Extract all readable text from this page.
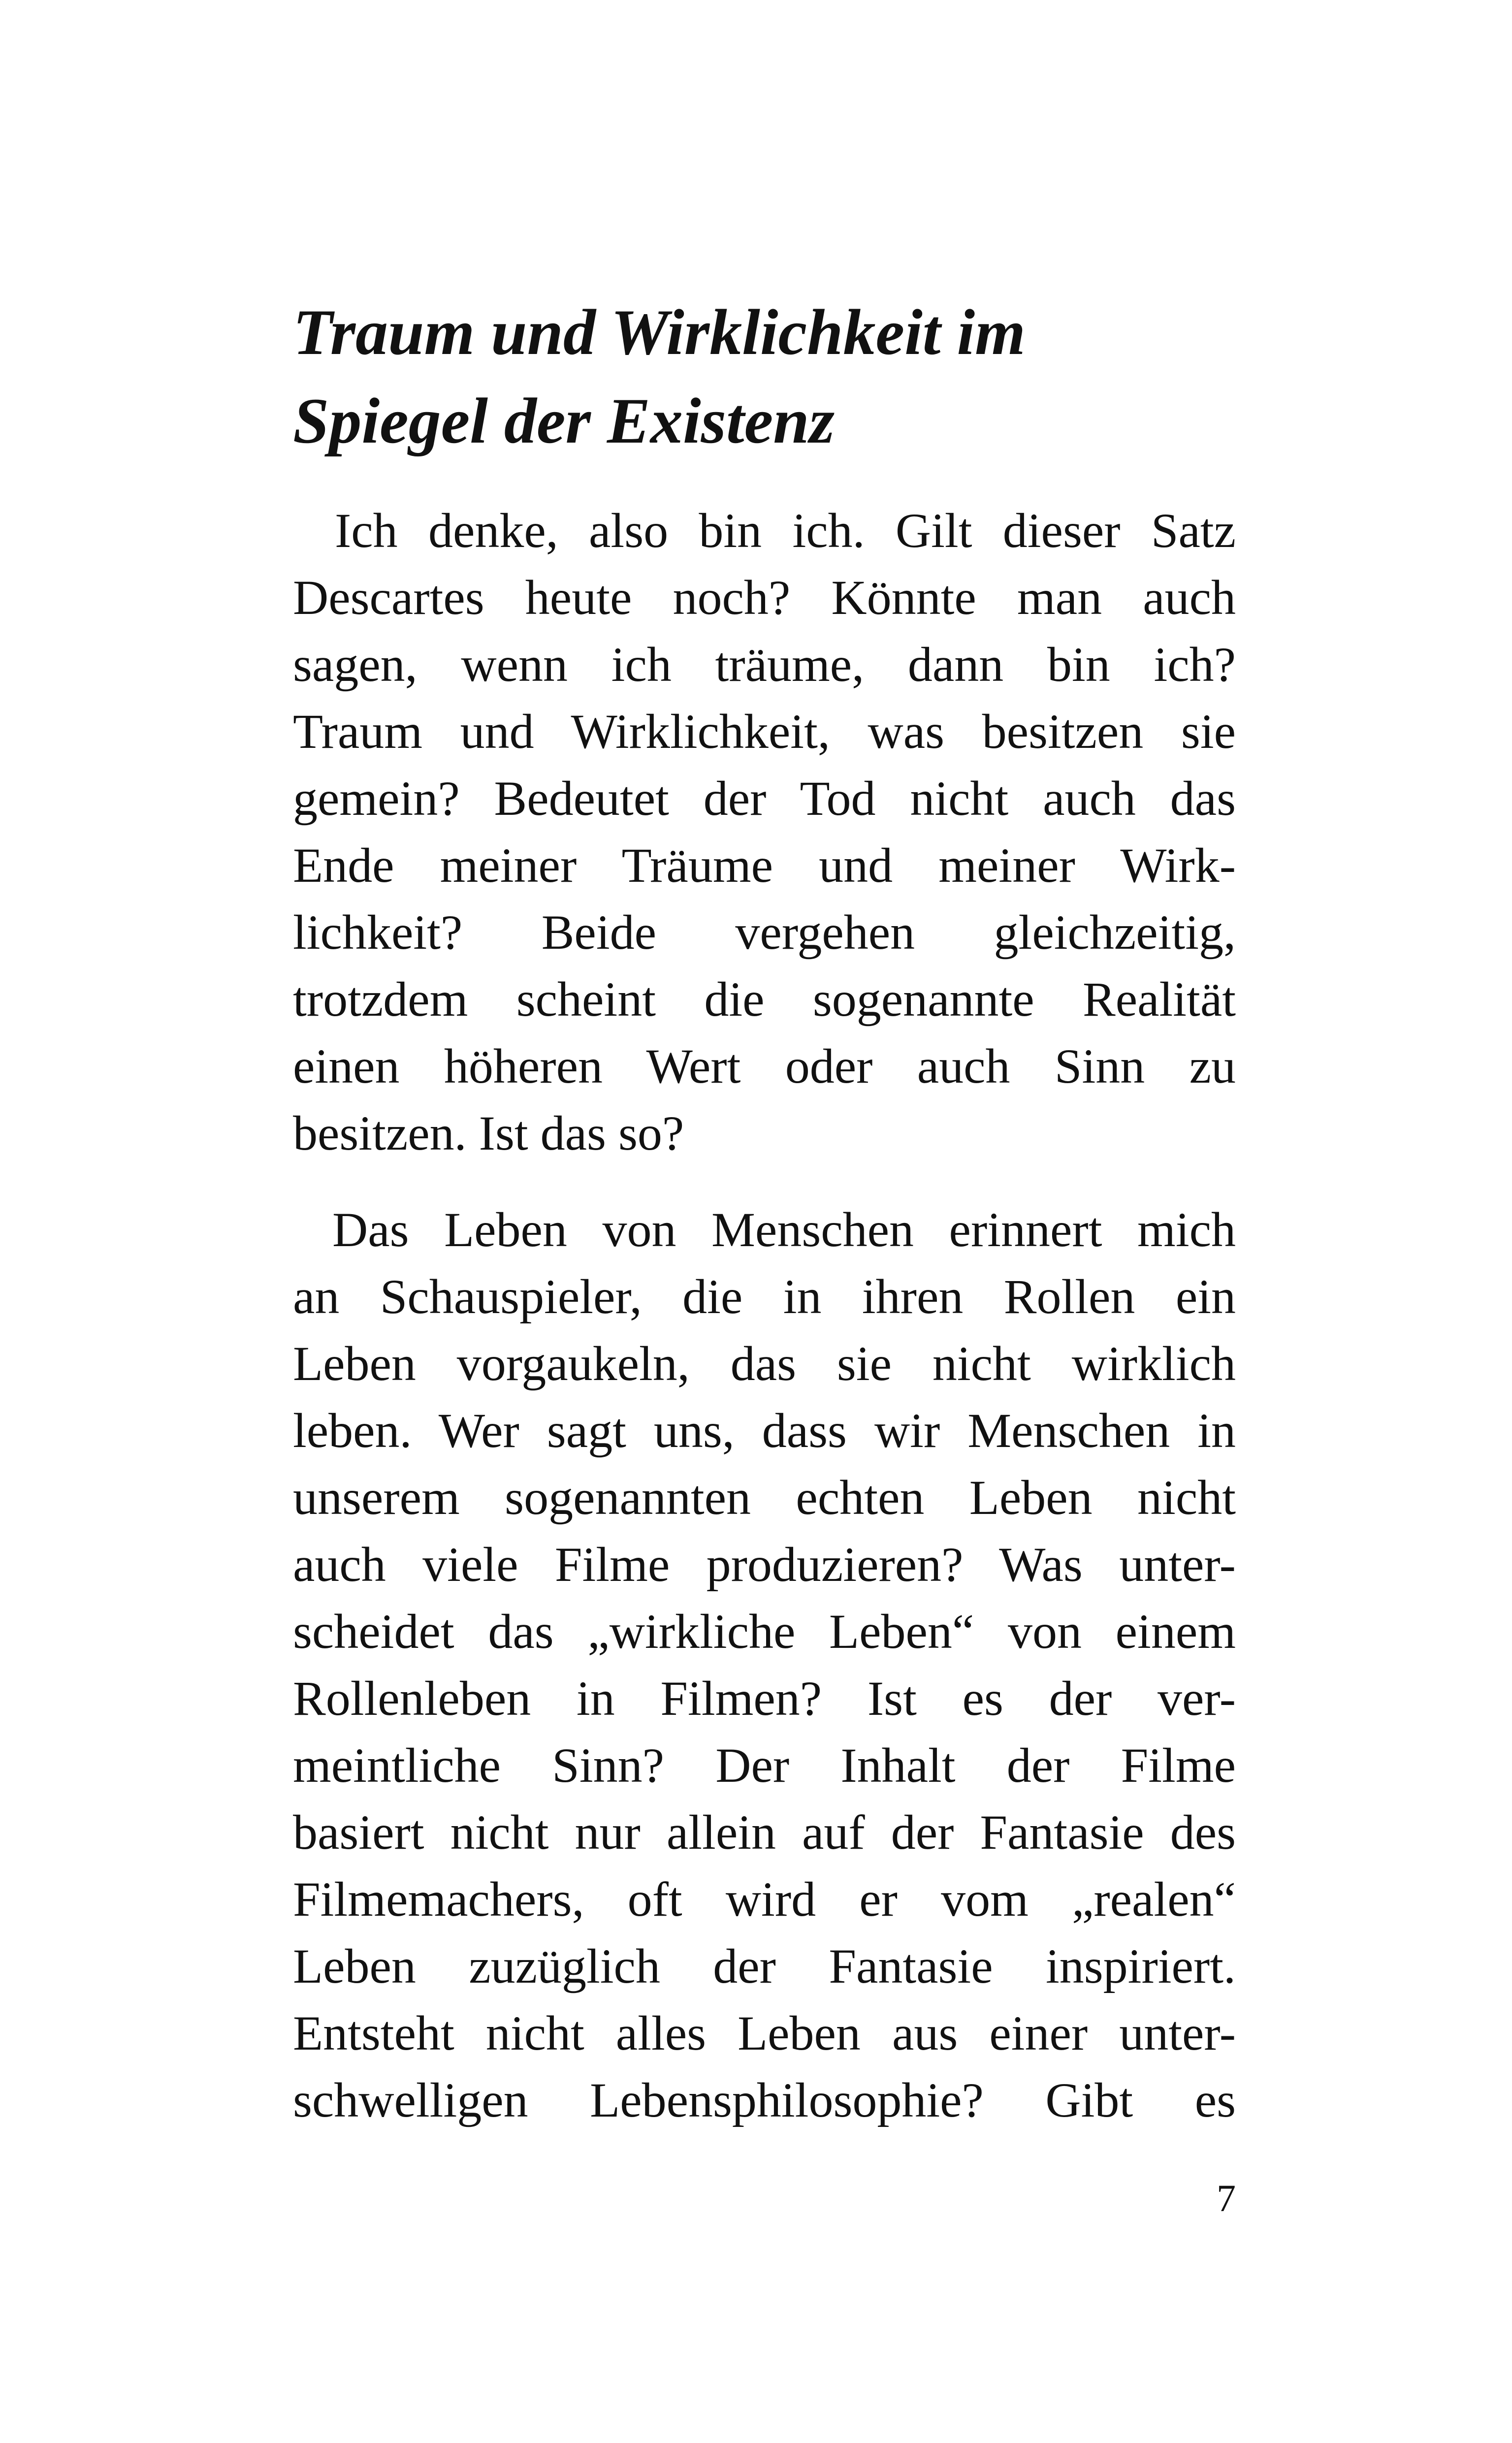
Traum und Wirklichkeit im
Spiegel der Existenz
Ich denke, also bin ich. Gilt dieser Satz
Descartes heute noch? Könnte man auch
sagen, wenn ich träume, dann bin ich?
Traum und Wirklichkeit, was besitzen sie
gemein? Bedeutet der Tod nicht auch das
Ende meiner Träume und meiner Wirk-
lichkeit? Beide vergehen gleichzeitig,
trotzdem scheint die sogenannte Realität
einen höheren Wert oder auch Sinn zu
besitzen. Ist das so?
Das Leben von Menschen erinnert mich
an Schauspieler, die in ihren Rollen ein
Leben vorgaukeln, das sie nicht wirklich
leben. Wer sagt uns, dass wir Menschen in
unserem sogenannten echten Leben nicht
auch viele Filme produzieren? Was unter-
scheidet das „wirkliche Leben“ von einem
Rollenleben in Filmen? Ist es der ver-
meintliche Sinn? Der Inhalt der Filme
basiert nicht nur allein auf der Fantasie des
Filmemachers, oft wird er vom „realen“
Leben zuzüglich der Fantasie inspiriert.
Entsteht nicht alles Leben aus einer unter-
schwelligen Lebensphilosophie? Gibt es
7
